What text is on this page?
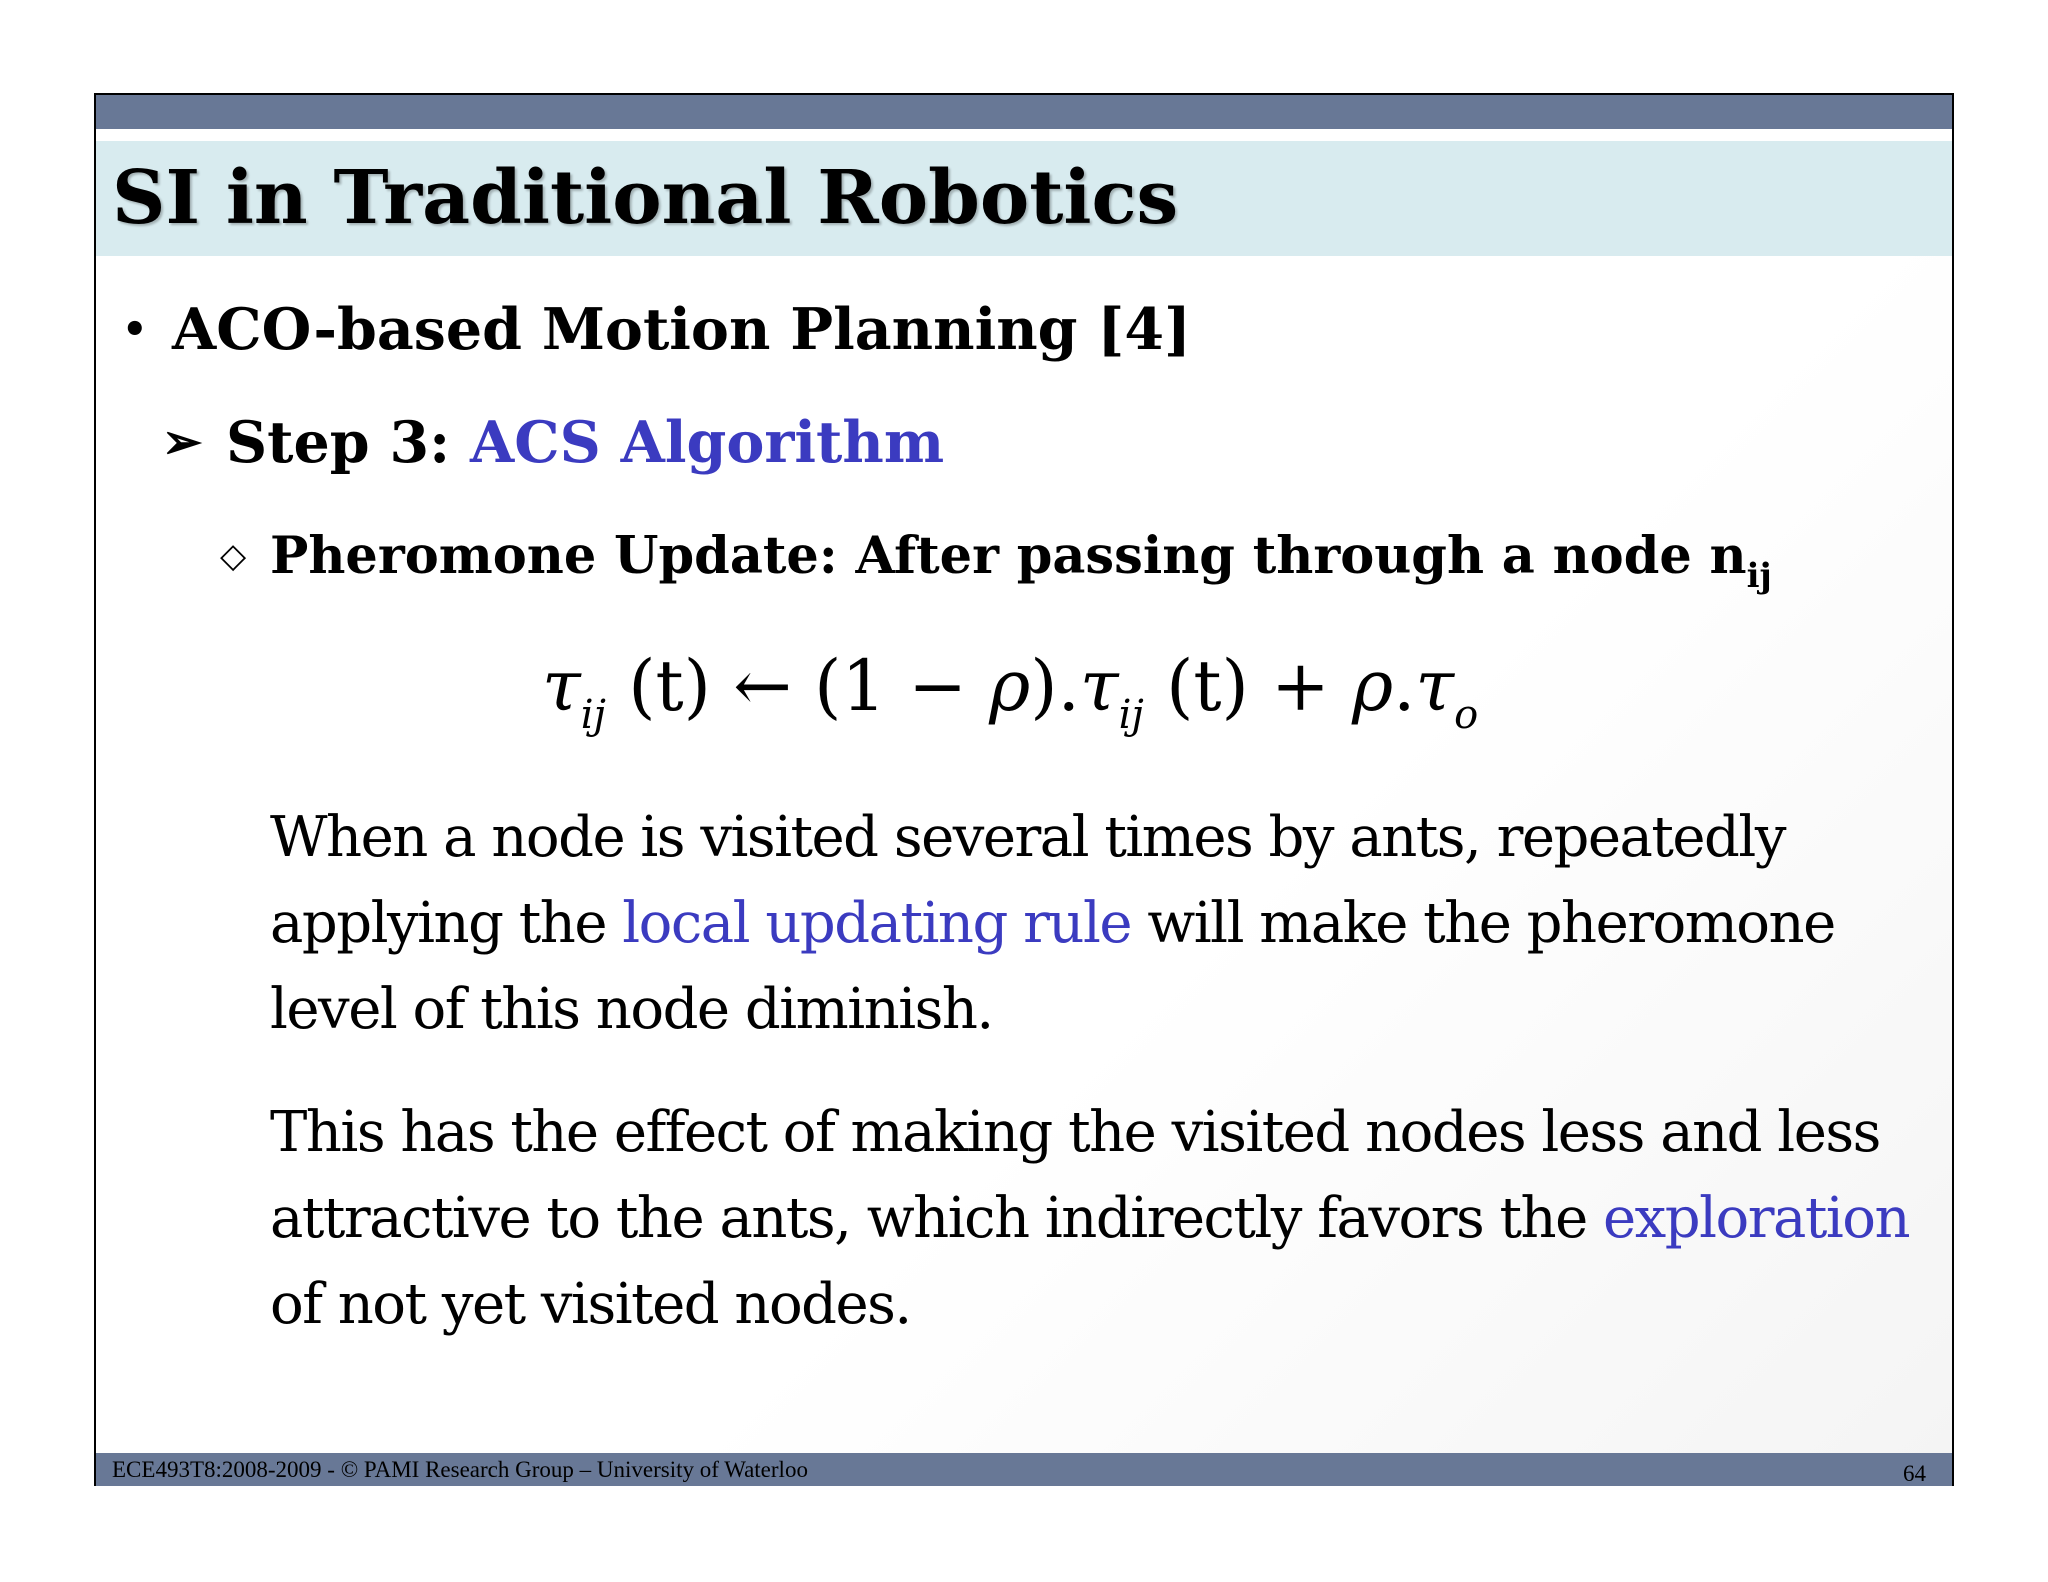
SI in Traditional Robotics
• ACO-based Motion Planning [4]
➢ Step 3: ACS Algorithm
◇ Pheromone Update: After passing through a node $n_{ij}$
$\tau_{ij}$ (t) ← $(1 - \rho).\tau_{ij}$ $(t) + \rho.\tau_o$

When a node is visited several times by ants, repeatedly applying the local updating rule will make the pheromone level of this node diminish.

This has the effect of making the visited nodes less and less attractive to the ants, which indirectly favors the exploration of not yet visited nodes.

ECE493T8:2008-2009 - © PAMI Research Group – University of Waterloo	64
